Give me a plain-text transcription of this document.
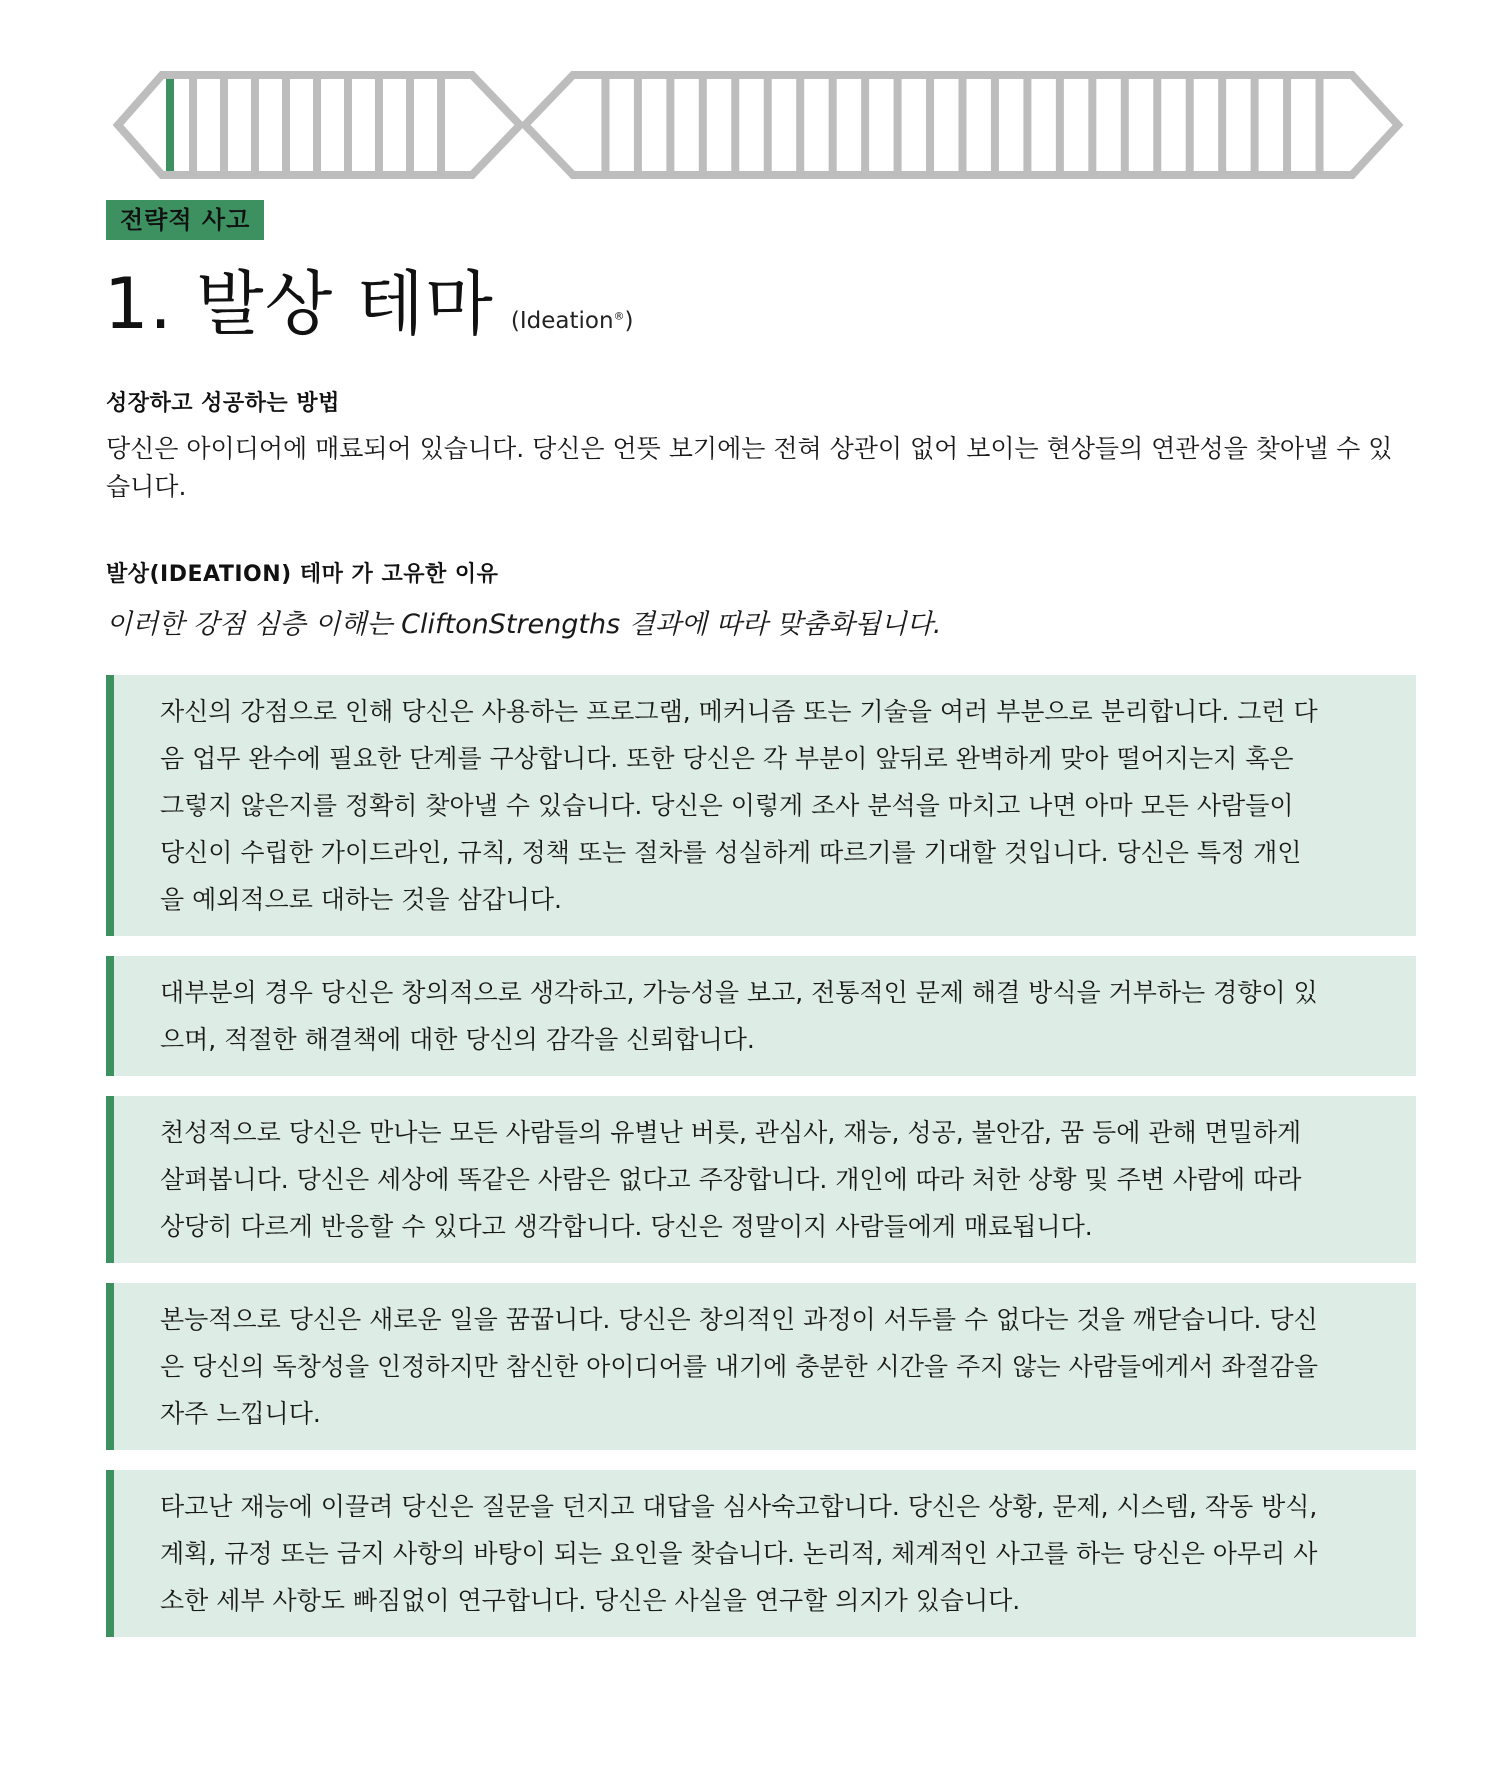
전략적 사고
1. 발상 테마 (Ideation®)
성장하고 성공하는 방법
당신은 아이디어에 매료되어 있습니다. 당신은 언뜻 보기에는 전혀 상관이 없어 보이는 현상들의 연관성을 찾아낼 수 있습니다.
발상(IDEATION) 테마 가 고유한 이유
이러한 강점 심층 이해는 CliftonStrengths 결과에 따라 맞춤화됩니다.
자신의 강점으로 인해 당신은 사용하는 프로그램, 메커니즘 또는 기술을 여러 부분으로 분리합니다. 그런 다음 업무 완수에 필요한 단계를 구상합니다. 또한 당신은 각 부분이 앞뒤로 완벽하게 맞아 떨어지는지 혹은 그렇지 않은지를 정확히 찾아낼 수 있습니다. 당신은 이렇게 조사 분석을 마치고 나면 아마 모든 사람들이 당신이 수립한 가이드라인, 규칙, 정책 또는 절차를 성실하게 따르기를 기대할 것입니다. 당신은 특정 개인을 예외적으로 대하는 것을 삼갑니다.
대부분의 경우 당신은 창의적으로 생각하고, 가능성을 보고, 전통적인 문제 해결 방식을 거부하는 경향이 있으며, 적절한 해결책에 대한 당신의 감각을 신뢰합니다.
천성적으로 당신은 만나는 모든 사람들의 유별난 버릇, 관심사, 재능, 성공, 불안감, 꿈 등에 관해 면밀하게 살펴봅니다. 당신은 세상에 똑같은 사람은 없다고 주장합니다. 개인에 따라 처한 상황 및 주변 사람에 따라 상당히 다르게 반응할 수 있다고 생각합니다. 당신은 정말이지 사람들에게 매료됩니다.
본능적으로 당신은 새로운 일을 꿈꿉니다. 당신은 창의적인 과정이 서두를 수 없다는 것을 깨닫습니다. 당신은 당신의 독창성을 인정하지만 참신한 아이디어를 내기에 충분한 시간을 주지 않는 사람들에게서 좌절감을 자주 느낍니다.
타고난 재능에 이끌려 당신은 질문을 던지고 대답을 심사숙고합니다. 당신은 상황, 문제, 시스템, 작동 방식, 계획, 규정 또는 금지 사항의 바탕이 되는 요인을 찾습니다. 논리적, 체계적인 사고를 하는 당신은 아무리 사소한 세부 사항도 빠짐없이 연구합니다. 당신은 사실을 연구할 의지가 있습니다.
